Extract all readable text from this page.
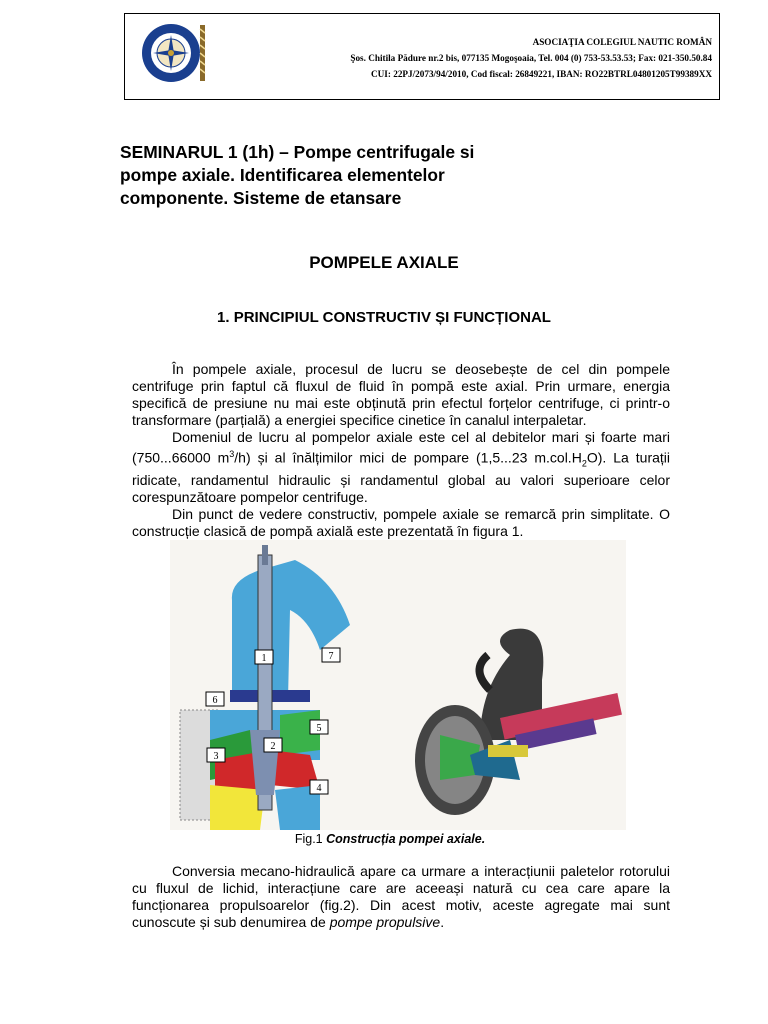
ASOCIAŢIA COLEGIUL NAUTIC ROMÂN
Şos. Chitila Pădure nr.2 bis, 077135 Mogoşoaia, Tel. 004 (0) 753-53.53.53; Fax: 021-350.50.84
CUI: 22PJ/2073/94/2010, Cod fiscal: 26849221, IBAN: RO22BTRL04801205T99389XX
SEMINARUL 1 (1h) – Pompe centrifugale si pompe axiale. Identificarea elementelor componente. Sisteme de etansare
POMPELE AXIALE
1. PRINCIPIUL CONSTRUCTIV ȘI FUNCȚIONAL

În pompele axiale, procesul de lucru se deosebește de cel din pompele centrifuge prin faptul că fluxul de fluid în pompă este axial. Prin urmare, energia specifică de presiune nu mai este obținută prin efectul forțelor centrifuge, ci printr-o transformare (parțială) a energiei specifice cinetice în canalul interpaletar.

Domeniul de lucru al pompelor axiale este cel al debitelor mari și foarte mari (750...66000 $m^3/h$) și al înălțimilor mici de pompare (1,5...23 $m.col.H_2O$). La turații ridicate, randamentul hidraulic și randamentul global au valori superioare celor corespunzătoare pompelor centrifuge.

Din punct de vedere constructiv, pompele axiale se remarcă prin simplitate. O construcție clasică de pompă axială este prezentată în figura 1.

1
2
3
4
5
6
7
Fig.1 Construcția pompei axiale.

Conversia mecano-hidraulică apare ca urmare a interacțiunii paletelor rotorului cu fluxul de lichid, interacțiune care are aceeași natură cu cea care apare la funcționarea propulsoarelor (fig.2). Din acest motiv, aceste agregate mai sunt cunoscute și sub denumirea de pompe propulsive.
